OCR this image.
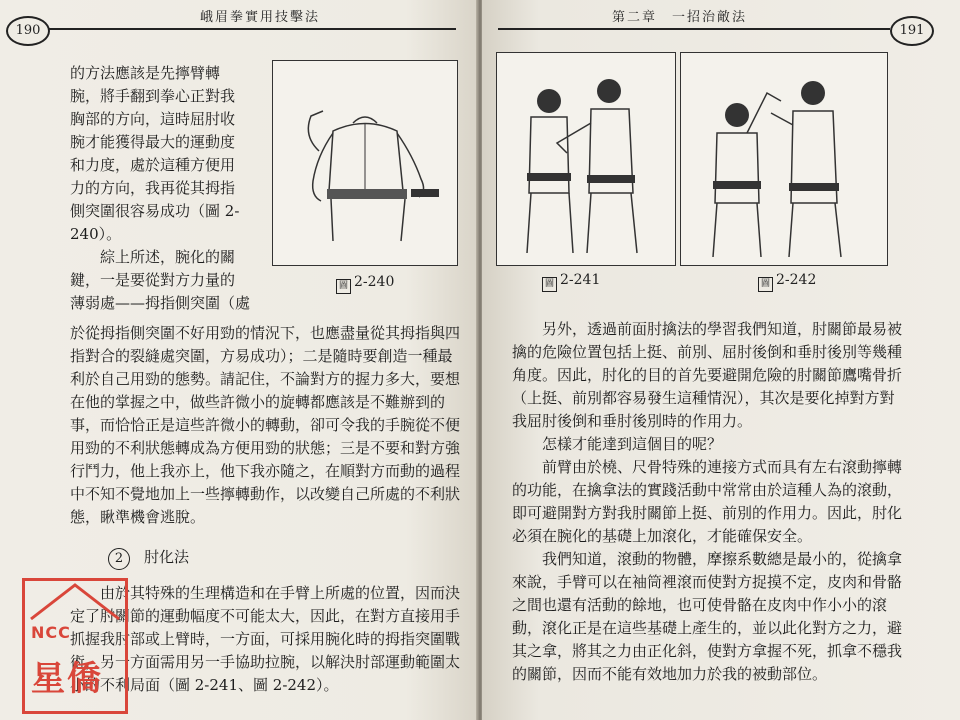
峨眉拳實用技擊法
190

的方法應該是先擰臂轉

腕，將手翻到拳心正對我

胸部的方向，這時屈肘收

腕才能獲得最大的運動度

和力度，處於這種方便用

力的方向，我再從其拇指

側突圍很容易成功（圖 2-

240）。

綜上所述，腕化的關

鍵，一是要從對方力量的

薄弱處——拇指側突圍（處

圖 2-240

於從拇指側突圍不好用勁的情況下，也應盡量從其拇指與四

指對合的裂縫處突圍，方易成功）；二是隨時要創造一種最

利於自己用勁的態勢。請記住，不論對方的握力多大，要想

在他的掌握之中，做些許微小的旋轉都應該是不難辦到的

事，而恰恰正是這些許微小的轉動，卻可令我的手腕從不便

用勁的不利狀態轉成為方便用勁的狀態；三是不要和對方強

行鬥力，他上我亦上，他下我亦隨之，在順對方而動的過程

中不知不覺地加上一些擰轉動作，以改變自己所處的不利狀

態，瞅準機會逃脫。

2 肘化法

由於其特殊的生理構造和在手臂上所處的位置，因而決

定了肘關節的運動幅度不可能太大，因此，在對方直接用手

抓握我肘部或上臂時，一方面，可採用腕化時的拇指突圍戰

術，另一方面需用另一手協助拉腕，以解決肘部運動範圍太

小的不利局面（圖 2-241、圖 2-242）。

NCC
星僑
第二章　一招治敵法
191
圖 2-241	圖 2-242

另外，透過前面肘擒法的學習我們知道，肘關節最易被

擒的危險位置包括上挺、前別、屈肘後倒和垂肘後別等幾種

角度。因此，肘化的目的首先要避開危險的肘關節鷹嘴骨折

（上挺、前別都容易發生這種情況），其次是要化掉對方對

我屈肘後倒和垂肘後別時的作用力。

怎樣才能達到這個目的呢？

前臂由於橈、尺骨特殊的連接方式而具有左右滾動擰轉

的功能，在擒拿法的實踐活動中常常由於這種人為的滾動，

即可避開對方對我肘關節上挺、前別的作用力。因此，肘化

必須在腕化的基礎上加滾化，才能確保安全。

我們知道，滾動的物體，摩擦系數總是最小的，從擒拿

來說，手臂可以在袖筒裡滾而使對方捉摸不定，皮肉和骨骼

之間也還有活動的餘地，也可使骨骼在皮肉中作小小的滾

動，滾化正是在這些基礎上產生的，並以此化對方之力，避

其之拿，將其之力由正化斜，使對方拿握不死，抓拿不穩我

的關節，因而不能有效地加力於我的被動部位。
